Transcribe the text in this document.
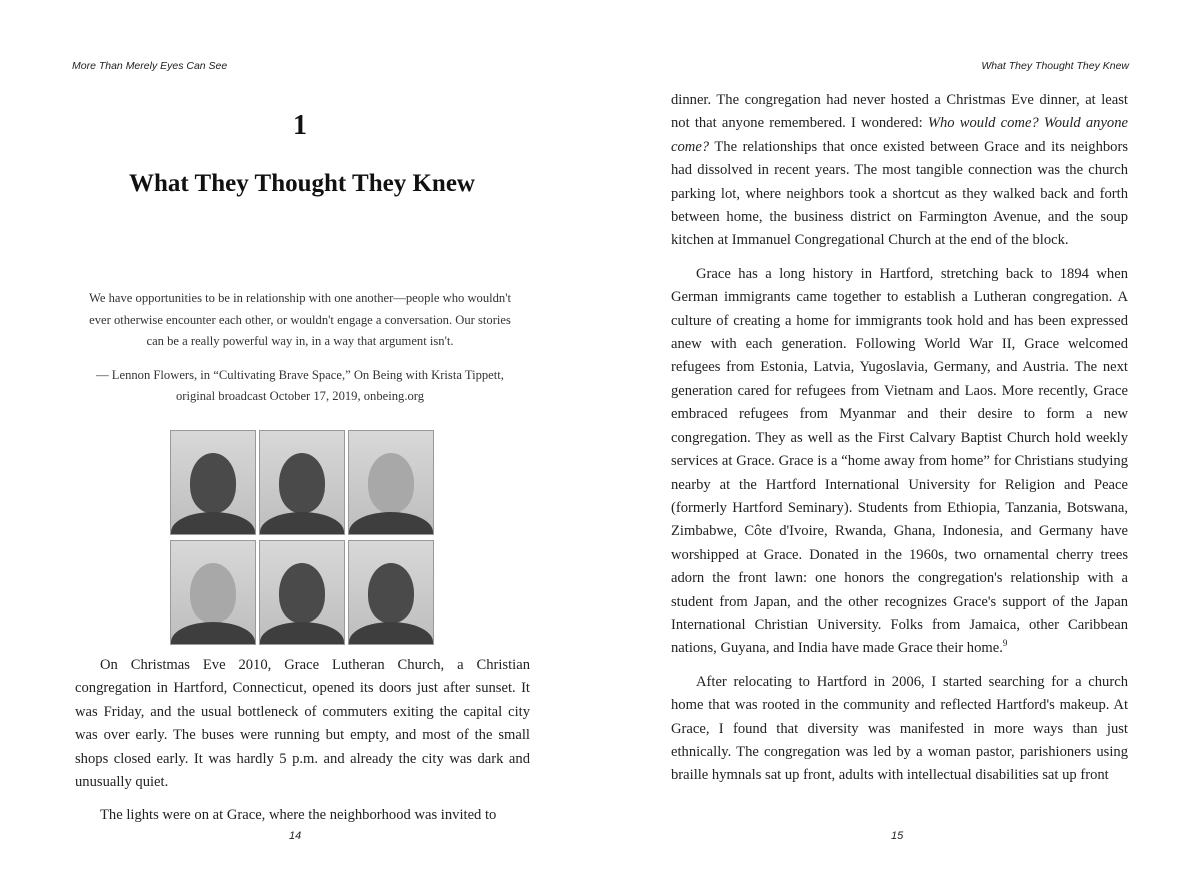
More Than Merely Eyes Can See
1
What They Thought They Knew

We have opportunities to be in relationship with one another—people who wouldn't ever otherwise encounter each other, or wouldn't engage a conversation. Our stories can be a really powerful way in, in a way that argument isn't.

— Lennon Flowers, in “Cultivating Brave Space,” On Being with Krista Tippett, original broadcast October 17, 2019, onbeing.org

On Christmas Eve 2010, Grace Lutheran Church, a Christian congregation in Hartford, Connecticut, opened its doors just after sunset. It was Friday, and the usual bottleneck of commuters exiting the capital city was over early. The buses were running but empty, and most of the small shops closed early. It was hardly 5 p.m. and already the city was dark and unusually quiet.

The lights were on at Grace, where the neighborhood was invited to

14
What They Thought They Knew

dinner. The congregation had never hosted a Christmas Eve dinner, at least not that anyone remembered. I wondered: Who would come? Would anyone come? The relationships that once existed between Grace and its neighbors had dissolved in recent years. The most tangible connection was the church parking lot, where neighbors took a shortcut as they walked back and forth between home, the business district on Farmington Avenue, and the soup kitchen at Immanuel Congregational Church at the end of the block.

Grace has a long history in Hartford, stretching back to 1894 when German immigrants came together to establish a Lutheran congregation. A culture of creating a home for immigrants took hold and has been expressed anew with each generation. Following World War II, Grace welcomed refugees from Estonia, Latvia, Yugoslavia, Germany, and Austria. The next generation cared for refugees from Vietnam and Laos. More recently, Grace embraced refugees from Myanmar and their desire to form a new congregation. They as well as the First Calvary Baptist Church hold weekly services at Grace. Grace is a “home away from home” for Christians studying nearby at the Hartford International University for Religion and Peace (formerly Hartford Seminary). Students from Ethiopia, Tanzania, Botswana, Zimbabwe, Côte d'Ivoire, Rwanda, Ghana, Indonesia, and Germany have worshipped at Grace. Donated in the 1960s, two ornamental cherry trees adorn the front lawn: one honors the congregation's relationship with a student from Japan, and the other recognizes Grace's support of the Japan International Christian University. Folks from Jamaica, other Caribbean nations, Guyana, and India have made Grace their home.$^9$

After relocating to Hartford in 2006, I started searching for a church home that was rooted in the community and reflected Hartford's makeup. At Grace, I found that diversity was manifested in more ways than just ethnically. The congregation was led by a woman pastor, parishioners using braille hymnals sat up front, adults with intellectual disabilities sat up front

15
